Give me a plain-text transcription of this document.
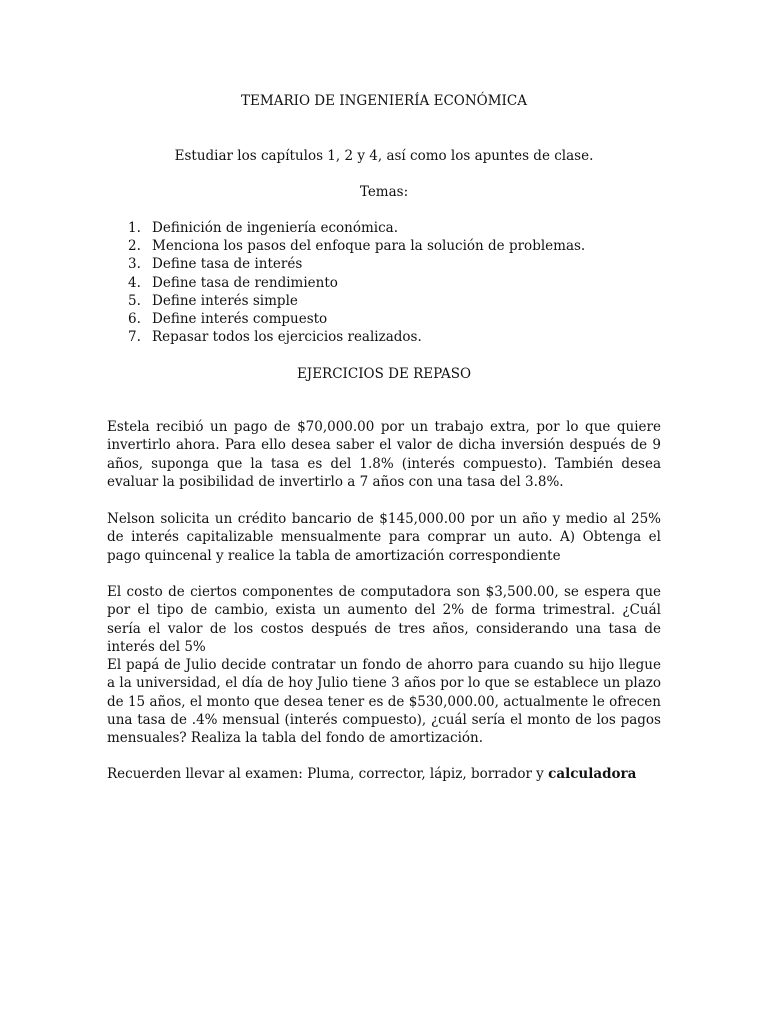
TEMARIO DE INGENIERÍA ECONÓMICA
Estudiar los capítulos 1, 2 y 4, así como los apuntes de clase.
Temas:
1. Definición de ingeniería económica.
2. Menciona los pasos del enfoque para la solución de problemas.
3. Define tasa de interés
4. Define tasa de rendimiento
5. Define interés simple
6. Define interés compuesto
7. Repasar todos los ejercicios realizados.
EJERCICIOS DE REPASO

Estela recibió un pago de $70,000.00 por un trabajo extra, por lo que quiere invertirlo ahora. Para ello desea saber el valor de dicha inversión después de 9 años, suponga que la tasa es del 1.8% (interés compuesto). También desea evaluar la posibilidad de invertirlo a 7 años con una tasa del 3.8%.

Nelson solicita un crédito bancario de $145,000.00 por un año y medio al 25% de interés capitalizable mensualmente para comprar un auto. A) Obtenga el pago quincenal y realice la tabla de amortización correspondiente

El costo de ciertos componentes de computadora son $3,500.00, se espera que por el tipo de cambio, exista un aumento del 2% de forma trimestral. ¿Cuál sería el valor de los costos después de tres años, considerando una tasa de interés del 5%

El papá de Julio decide contratar un fondo de ahorro para cuando su hijo llegue a la universidad, el día de hoy Julio tiene 3 años por lo que se establece un plazo de 15 años, el monto que desea tener es de $530,000.00, actualmente le ofrecen una tasa de .4% mensual (interés compuesto), ¿cuál sería el monto de los pagos mensuales? Realiza la tabla del fondo de amortización.

Recuerden llevar al examen: Pluma, corrector, lápiz, borrador y calculadora
